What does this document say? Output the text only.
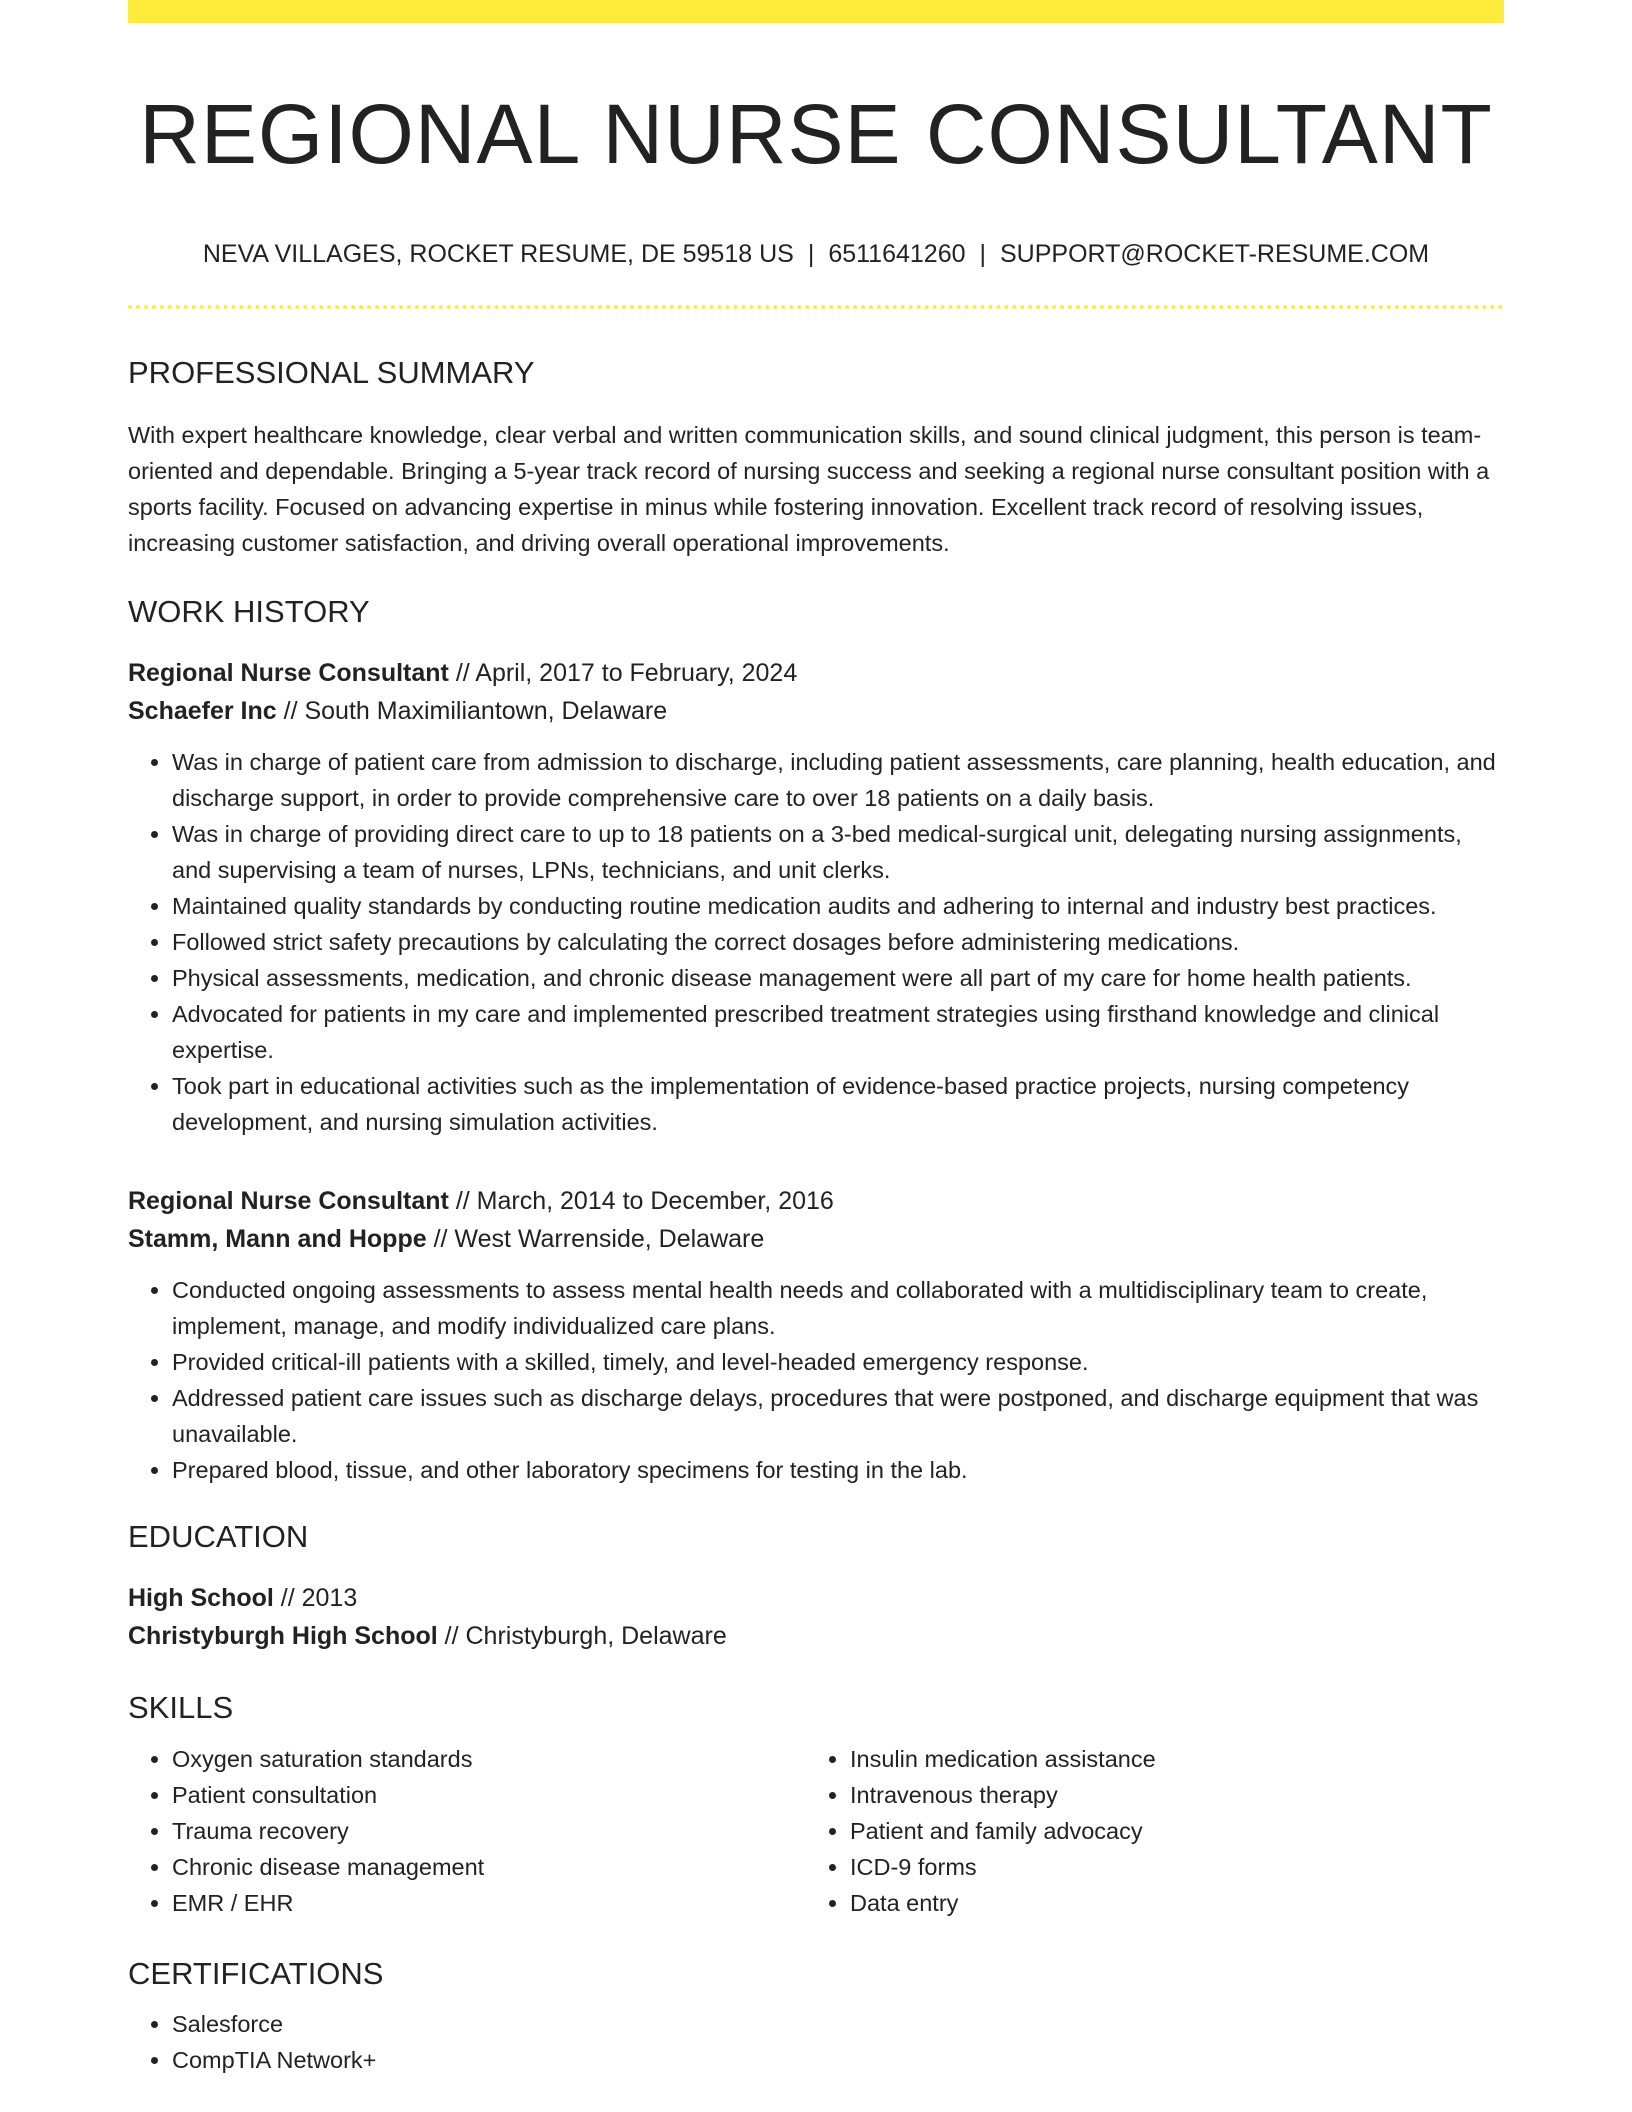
REGIONAL NURSE CONSULTANT
NEVA VILLAGES, ROCKET RESUME, DE 59518 US | 6511641260 | SUPPORT@ROCKET-RESUME.COM
PROFESSIONAL SUMMARY
With expert healthcare knowledge, clear verbal and written communication skills, and sound clinical judgment, this person is team-oriented and dependable. Bringing a 5-year track record of nursing success and seeking a regional nurse consultant position with a sports facility. Focused on advancing expertise in minus while fostering innovation. Excellent track record of resolving issues, increasing customer satisfaction, and driving overall operational improvements.
WORK HISTORY
Regional Nurse Consultant // April, 2017 to February, 2024
Schaefer Inc // South Maximiliantown, Delaware
• Was in charge of patient care from admission to discharge, including patient assessments, care planning, health education, and discharge support, in order to provide comprehensive care to over 18 patients on a daily basis.
• Was in charge of providing direct care to up to 18 patients on a 3-bed medical-surgical unit, delegating nursing assignments, and supervising a team of nurses, LPNs, technicians, and unit clerks.
• Maintained quality standards by conducting routine medication audits and adhering to internal and industry best practices.
• Followed strict safety precautions by calculating the correct dosages before administering medications.
• Physical assessments, medication, and chronic disease management were all part of my care for home health patients.
• Advocated for patients in my care and implemented prescribed treatment strategies using firsthand knowledge and clinical expertise.
• Took part in educational activities such as the implementation of evidence-based practice projects, nursing competency development, and nursing simulation activities.
Regional Nurse Consultant // March, 2014 to December, 2016
Stamm, Mann and Hoppe // West Warrenside, Delaware
• Conducted ongoing assessments to assess mental health needs and collaborated with a multidisciplinary team to create, implement, manage, and modify individualized care plans.
• Provided critical-ill patients with a skilled, timely, and level-headed emergency response.
• Addressed patient care issues such as discharge delays, procedures that were postponed, and discharge equipment that was unavailable.
• Prepared blood, tissue, and other laboratory specimens for testing in the lab.
EDUCATION
High School // 2013
Christyburgh High School // Christyburgh, Delaware
SKILLS
• Oxygen saturation standards
• Patient consultation
• Trauma recovery
• Chronic disease management
• EMR / EHR
• Insulin medication assistance
• Intravenous therapy
• Patient and family advocacy
• ICD-9 forms
• Data entry
CERTIFICATIONS
• Salesforce
• CompTIA Network+
